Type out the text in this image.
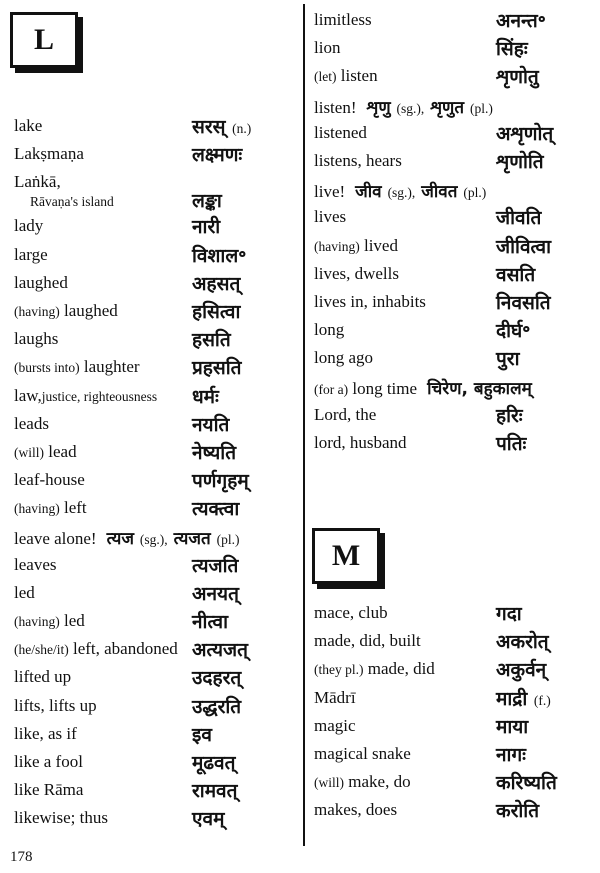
L
lake	सरस् (n.)
Lakṣmaṇa	लक्ष्मणः
Laṅkā,
Rāvaṇa's island	लङ्का
lady	नारी
large	विशाल॰
laughed	अहसत्
(having) laughed	हसित्वा
laughs	हसति
(bursts into) laughter	प्रहसति
law,justice, righteousness धर्मः
leads	नयति
(will) lead	नेष्यति
leaf-house	पर्णगृहम्
(having) left	त्यक्त्वा
leave alone! त्यज (sg.), त्यजत (pl.)
leaves	त्यजति
led	अनयत्
(having) led	नीत्वा
(he/she/it) left, abandoned अत्यजत्
lifted up	उदहरत्
lifts, lifts up	उद्धरति
like, as if	इव
like a fool	मूढवत्
like Rāma	रामवत्
likewise; thus	एवम्
limitless	अनन्त॰
lion	सिंहः
(let) listen	शृणोतु
listen! शृणु (sg.), शृणुत (pl.)
listened	अशृणोत्
listens, hears	शृणोति
live! जीव (sg.), जीवत (pl.)
lives	जीवति
(having) lived	जीवित्वा
lives, dwells	वसति
lives in, inhabits	निवसति
long	दीर्घ॰
long ago	पुरा
(for a) long time चिरेण, बहुकालम्
Lord, the	हरिः
lord, husband	पतिः
M
mace, club	गदा
made, did, built	अकरोत्
(they pl.) made, did	अकुर्वन्
Mādrī	माद्री (f.)
magic	माया
magical snake	नागः
(will) make, do	करिष्यति
makes, does	करोति
178
